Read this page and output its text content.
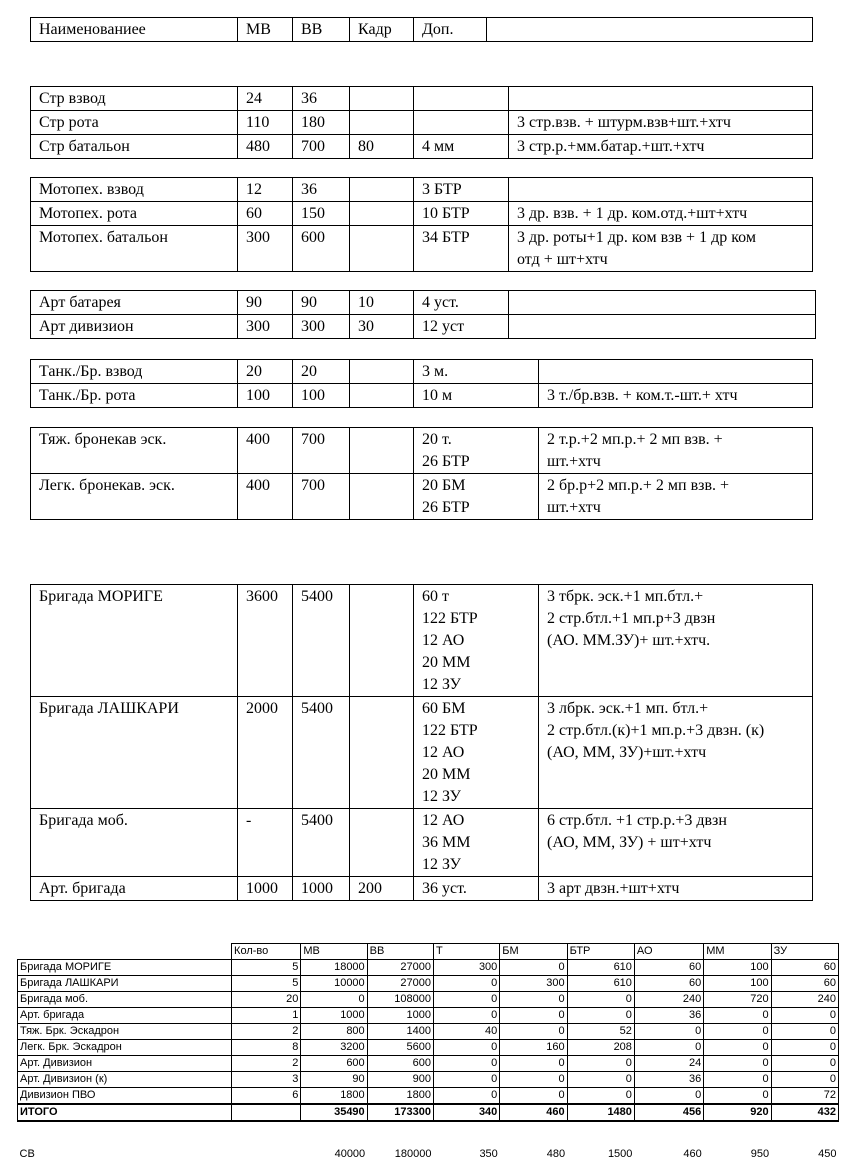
Наименованиее	МВ	ВВ	Кадр	Доп.	
Стр взвод	24	36			
Стр рота	110	180			3 стр.взв. + штурм.взв+шт.+хтч
Стр батальон	480	700	80	4 мм	3 стр.р.+мм.батар.+шт.+хтч
Мотопех. взвод	12	36		3 БТР	
Мотопех. рота	60	150		10 БТР	3 др. взв. + 1 др. ком.отд.+шт+хтч
Мотопех. батальон	300	600		34 БТР	3 др. роты+1 др. ком взв + 1 др ком
отд + шт+хтч
Арт батарея	90	90	10	4 уст.	
Арт дивизион	300	300	30	12 уст	
Танк./Бр. взвод	20	20		3 м.	
Танк./Бр. рота	100	100		10 м	3 т./бр.взв. + ком.т.-шт.+ хтч
Тяж. бронекав эск.	400	700		20 т.
26 БТР	2 т.р.+2 мп.р.+ 2 мп взв. +
шт.+хтч
Легк. бронекав. эск.	400	700		20 БМ
26 БТР	2 бр.р+2 мп.р.+ 2 мп взв. +
шт.+хтч
Бригада МОРИГЕ	3600	5400		60 т
122 БТР
12 АО
20 ММ
12 ЗУ	3 тбрк. эск.+1 мп.бтл.+
2 стр.бтл.+1 мп.р+3 двзн
(АО. ММ.ЗУ)+ шт.+хтч.
Бригада ЛАШКАРИ	2000	5400		60 БМ
122 БТР
12 АО
20 ММ
12 ЗУ	3 лбрк. эск.+1 мп. бтл.+
2 стр.бтл.(к)+1 мп.р.+3 двзн. (к)
(АО, ММ, ЗУ)+шт.+хтч
Бригада моб.	-	5400		12 АО
36 ММ
12 ЗУ	6 стр.бтл. +1 стр.р.+3 двзн
(АО, ММ, ЗУ) + шт+хтч
Арт. бригада	1000	1000	200	36 уст.	3 арт двзн.+шт+хтч
	Кол-во	МВ	ВВ	Т	БМ	БТР	АО	ММ	ЗУ
Бригада МОРИГЕ	5	18000	27000	300	0	610	60	100	60
Бригада ЛАШКАРИ	5	10000	27000	0	300	610	60	100	60
Бригада моб.	20	0	108000	0	0	0	240	720	240
Арт. бригада	1	1000	1000	0	0	0	36	0	0
Тяж. Брк. Эскадрон	2	800	1400	40	0	52	0	0	0
Легк. Брк. Эскадрон	8	3200	5600	0	160	208	0	0	0
Арт. Дивизион	2	600	600	0	0	0	24	0	0
Арт. Дивизион (к)	3	90	900	0	0	0	36	0	0
Дивизион ПВО	6	1800	1800	0	0	0	0	0	72
ИТОГО		35490	173300	340	460	1480	456	920	432

СВ		40000	180000	350	480	1500	460	950	450
